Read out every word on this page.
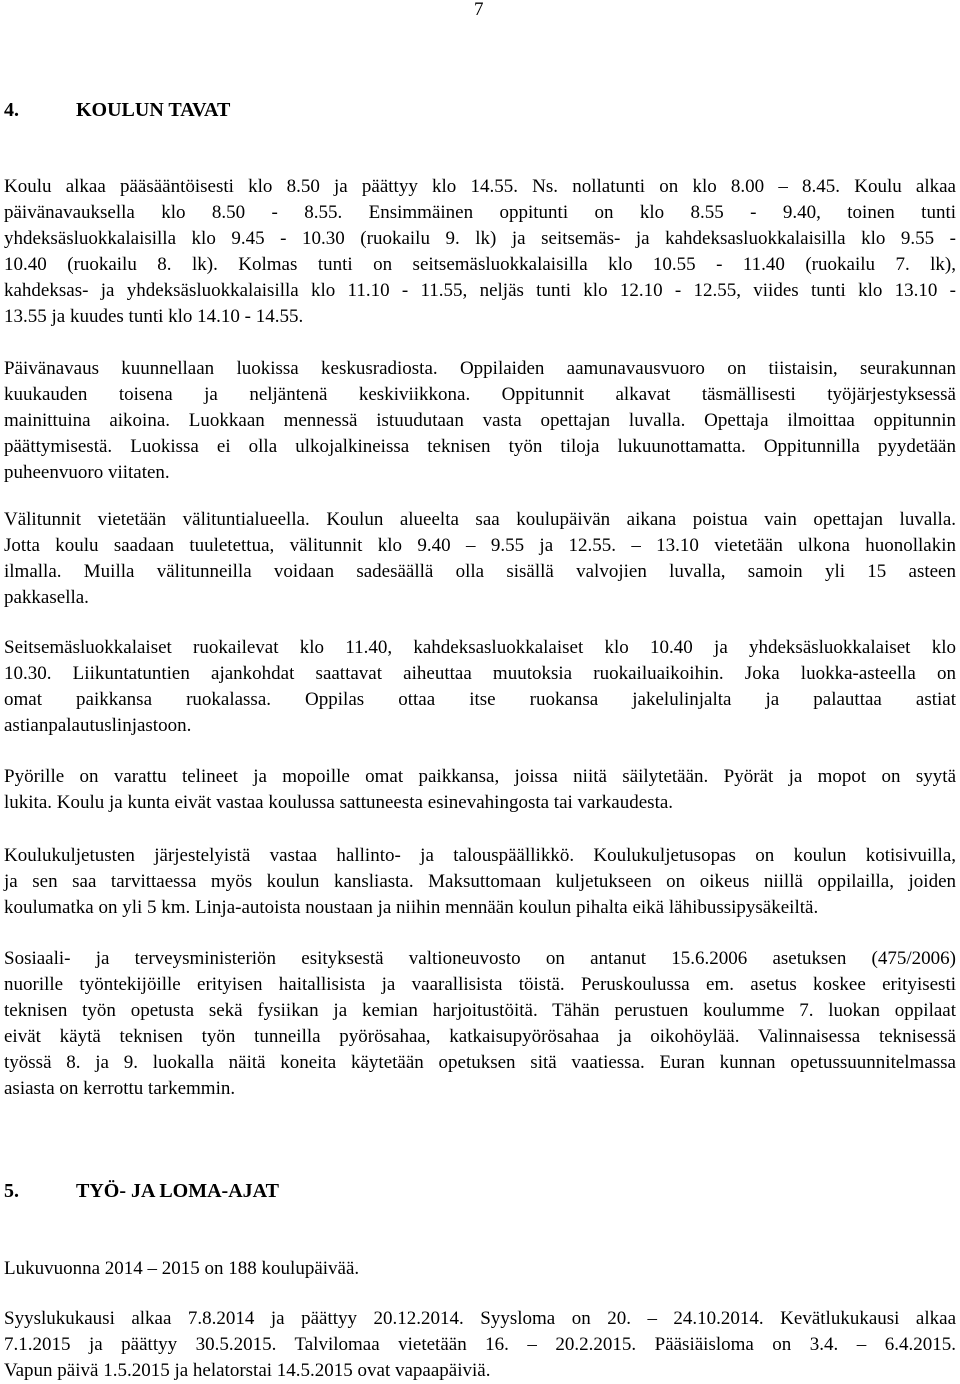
7
4.	KOULUN TAVAT
Koulu alkaa pääsääntöisesti klo 8.50 ja päättyy klo 14.55. Ns. nollatunti on klo 8.00 – 8.45. Koulu alkaa
päivänavauksella klo 8.50 - 8.55. Ensimmäinen oppitunti on klo 8.55 - 9.40, toinen tunti
yhdeksäsluokkalaisilla klo 9.45 - 10.30 (ruokailu 9. lk) ja seitsemäs- ja kahdeksasluokkalaisilla klo 9.55 -
10.40 (ruokailu 8. lk). Kolmas tunti on seitsemäsluokkalaisilla klo 10.55 - 11.40 (ruokailu 7. lk),
kahdeksas- ja yhdeksäsluokkalaisilla klo 11.10 - 11.55, neljäs tunti klo 12.10 - 12.55, viides tunti klo 13.10 -
13.55 ja kuudes tunti klo 14.10 - 14.55.
Päivänavaus kuunnellaan luokissa keskusradiosta. Oppilaiden aamunavausvuoro on tiistaisin, seurakunnan
kuukauden toisena ja neljäntenä keskiviikkona. Oppitunnit alkavat täsmällisesti työjärjestyksessä
mainittuina aikoina. Luokkaan mennessä istuudutaan vasta opettajan luvalla. Opettaja ilmoittaa oppitunnin
päättymisestä. Luokissa ei olla ulkojalkineissa teknisen työn tiloja lukuunottamatta. Oppitunnilla pyydetään
puheenvuoro viitaten.
Välitunnit vietetään välituntialueella. Koulun alueelta saa koulupäivän aikana poistua vain opettajan luvalla.
Jotta koulu saadaan tuuletettua, välitunnit klo 9.40 – 9.55 ja 12.55. – 13.10 vietetään ulkona huonollakin
ilmalla. Muilla välitunneilla voidaan sadesäällä olla sisällä valvojien luvalla, samoin yli 15 asteen
pakkasella.
Seitsemäsluokkalaiset ruokailevat klo 11.40, kahdeksasluokkalaiset klo 10.40 ja yhdeksäsluokkalaiset klo
10.30. Liikuntatuntien ajankohdat saattavat aiheuttaa muutoksia ruokailuaikoihin. Joka luokka-asteella on
omat paikkansa ruokalassa. Oppilas ottaa itse ruokansa jakelulinjalta ja palauttaa astiat
astianpalautuslinjastoon.
Pyörille on varattu telineet ja mopoille omat paikkansa, joissa niitä säilytetään. Pyörät ja mopot on syytä
lukita. Koulu ja kunta eivät vastaa koulussa sattuneesta esinevahingosta tai varkaudesta.
Koulukuljetusten järjestelyistä vastaa hallinto- ja talouspäällikkö. Koulukuljetusopas on koulun kotisivuilla,
ja sen saa tarvittaessa myös koulun kansliasta. Maksuttomaan kuljetukseen on oikeus niillä oppilailla, joiden
koulumatka on yli 5 km. Linja-autoista noustaan ja niihin mennään koulun pihalta eikä lähibussipysäkeiltä.
Sosiaali- ja terveysministeriön esityksestä valtioneuvosto on antanut 15.6.2006 asetuksen (475/2006)
nuorille työntekijöille erityisen haitallisista ja vaarallisista töistä. Peruskoulussa em. asetus koskee erityisesti
teknisen työn opetusta sekä fysiikan ja kemian harjoitustöitä. Tähän perustuen koulumme 7. luokan oppilaat
eivät käytä teknisen työn tunneilla pyörösahaa, katkaisupyörösahaa ja oikohöylää. Valinnaisessa teknisessä
työssä 8. ja 9. luokalla näitä koneita käytetään opetuksen sitä vaatiessa. Euran kunnan opetussuunnitelmassa
asiasta on kerrottu tarkemmin.
5.	TYÖ- JA LOMA-AJAT
Lukuvuonna 2014 – 2015 on 188 koulupäivää.
Syyslukukausi alkaa 7.8.2014 ja päättyy 20.12.2014. Syysloma on 20. – 24.10.2014. Kevätlukukausi alkaa
7.1.2015 ja päättyy 30.5.2015. Talvilomaa vietetään 16. – 20.2.2015. Pääsiäisloma on 3.4. – 6.4.2015.
Vapun päivä 1.5.2015 ja helatorstai 14.5.2015 ovat vapaapäiviä.
